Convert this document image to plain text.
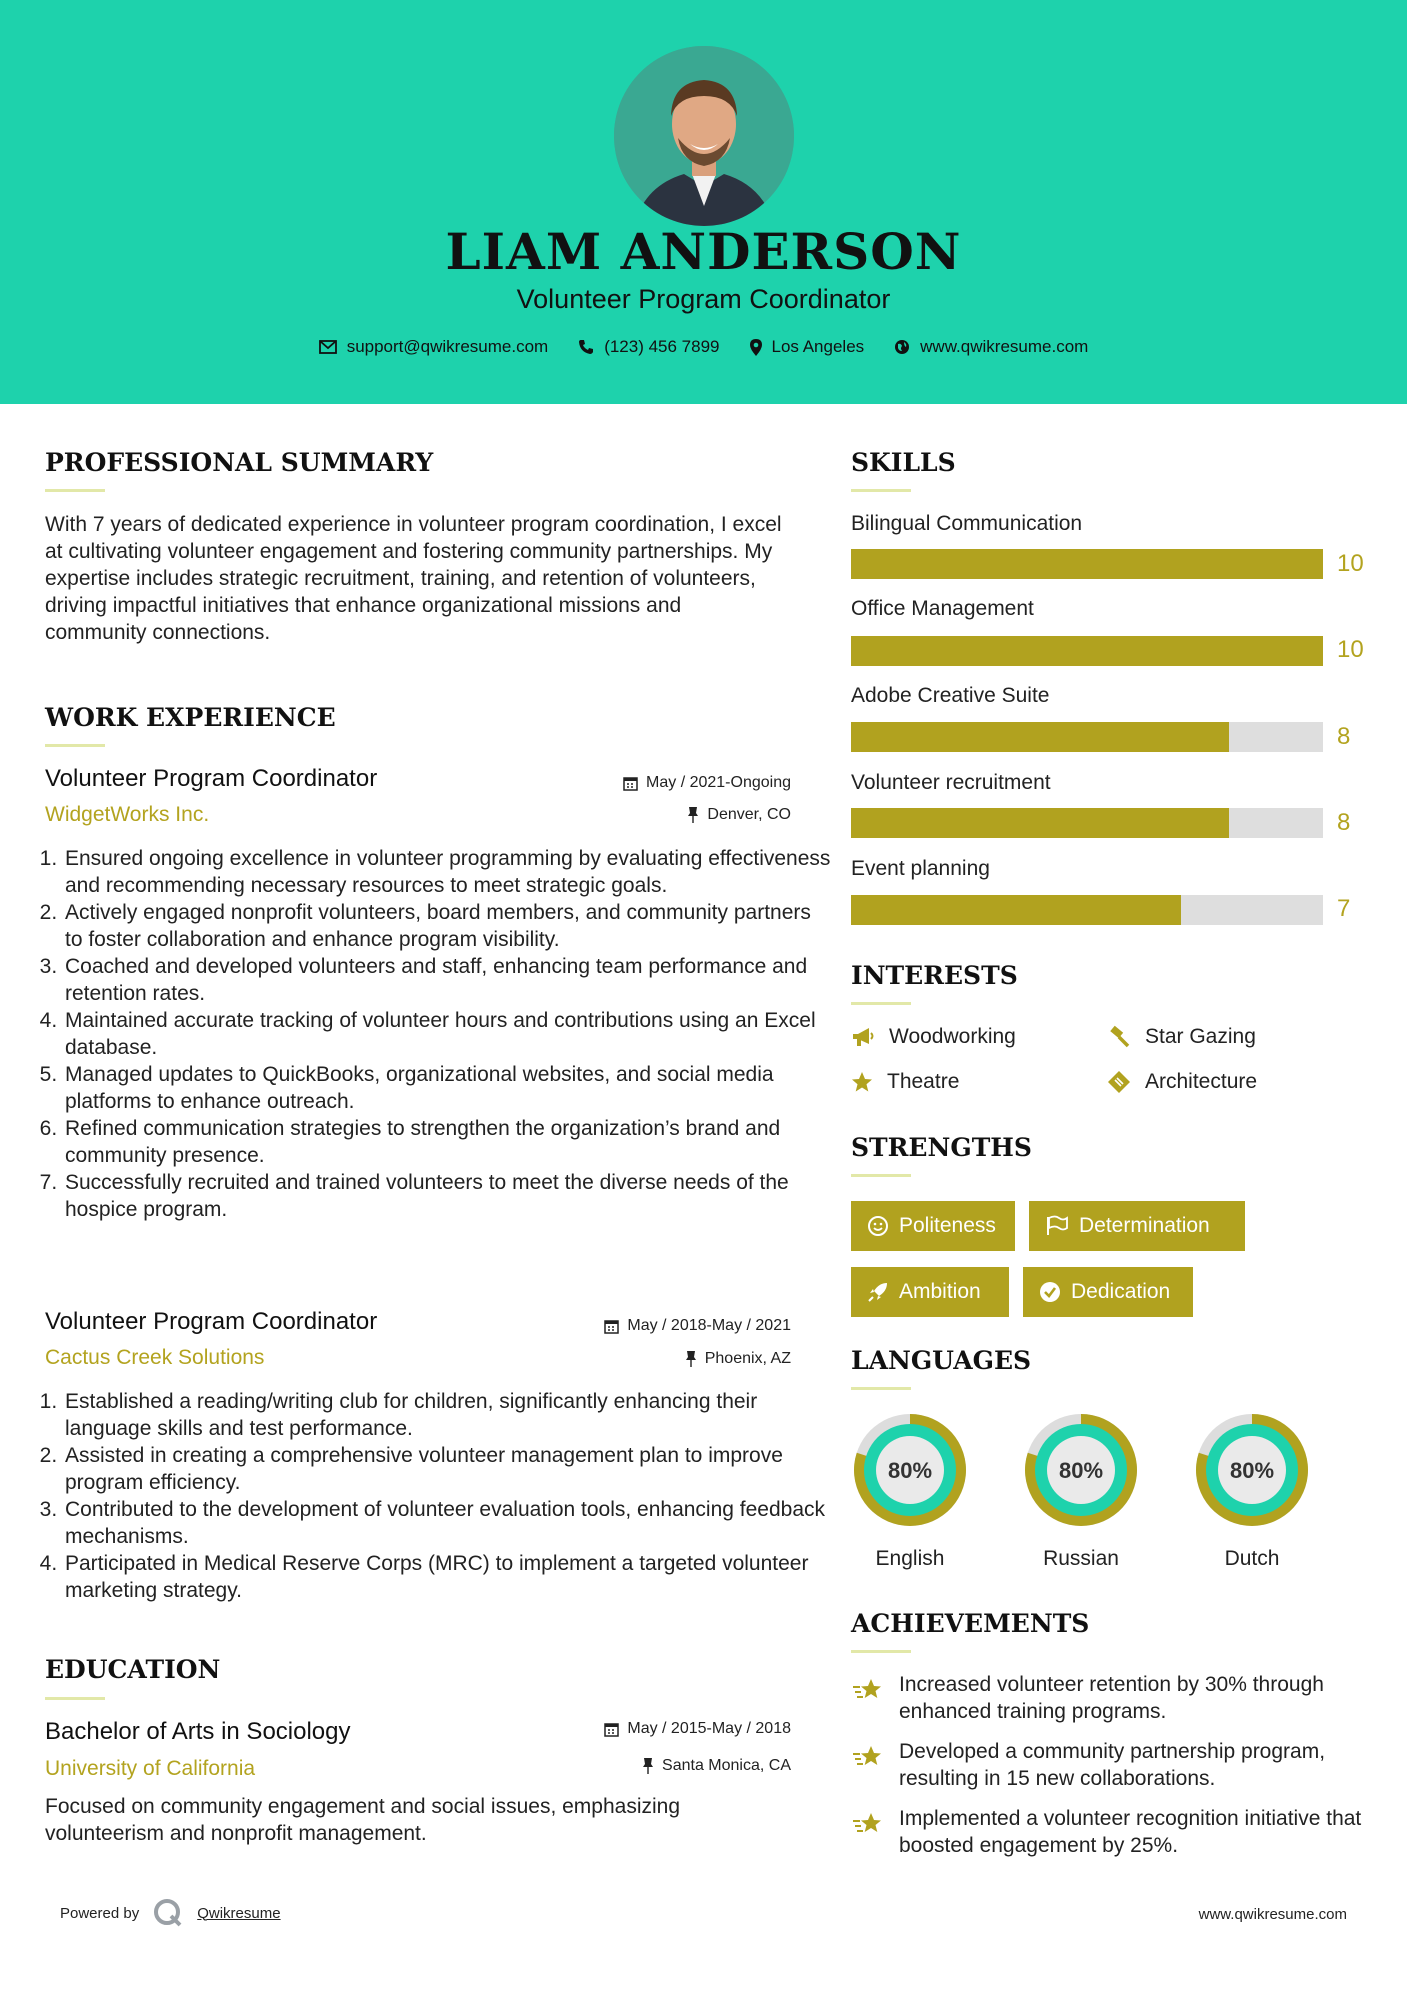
LIAM ANDERSON
Volunteer Program Coordinator
support@qwikresume.com	(123) 456 7899	Los Angeles	www.qwikresume.com
PROFESSIONAL SUMMARY

With 7 years of dedicated experience in volunteer program coordination, I excel at cultivating volunteer engagement and fostering community partnerships. My expertise includes strategic recruitment, training, and retention of volunteers, driving impactful initiatives that enhance organizational missions and community connections.

WORK EXPERIENCE
Volunteer Program Coordinator
WidgetWorks Inc.
May / 2021-Ongoing
Denver, CO
1. Ensured ongoing excellence in volunteer programming by evaluating effectiveness and recommending necessary resources to meet strategic goals.
2. Actively engaged nonprofit volunteers, board members, and community partners to foster collaboration and enhance program visibility.
3. Coached and developed volunteers and staff, enhancing team performance and retention rates.
4. Maintained accurate tracking of volunteer hours and contributions using an Excel database.
5. Managed updates to QuickBooks, organizational websites, and social media platforms to enhance outreach.
6. Refined communication strategies to strengthen the organization’s brand and community presence.
7. Successfully recruited and trained volunteers to meet the diverse needs of the hospice program.
Volunteer Program Coordinator
Cactus Creek Solutions
May / 2018-May / 2021
Phoenix, AZ
1. Established a reading/writing club for children, significantly enhancing their language skills and test performance.
2. Assisted in creating a comprehensive volunteer management plan to improve program efficiency.
3. Contributed to the development of volunteer evaluation tools, enhancing feedback mechanisms.
4. Participated in Medical Reserve Corps (MRC) to implement a targeted volunteer marketing strategy.
EDUCATION
Bachelor of Arts in Sociology
University of California
May / 2015-May / 2018
Santa Monica, CA

Focused on community engagement and social issues, emphasizing volunteerism and nonprofit management.

SKILLS
Bilingual Communication
10
Office Management
10
Adobe Creative Suite
8
Volunteer recruitment
8
Event planning
7
INTERESTS
Woodworking	Star Gazing
Theatre	Architecture
STRENGTHS
Politeness	Determination
Ambition	Dedication
LANGUAGES
80%
English
80%
Russian
80%
Dutch
ACHIEVEMENTS
Increased volunteer retention by 30% through enhanced training programs.
Developed a community partnership program, resulting in 15 new collaborations.
Implemented a volunteer recognition initiative that boosted engagement by 25%.
Powered by	Qwikresume	www.qwikresume.com
